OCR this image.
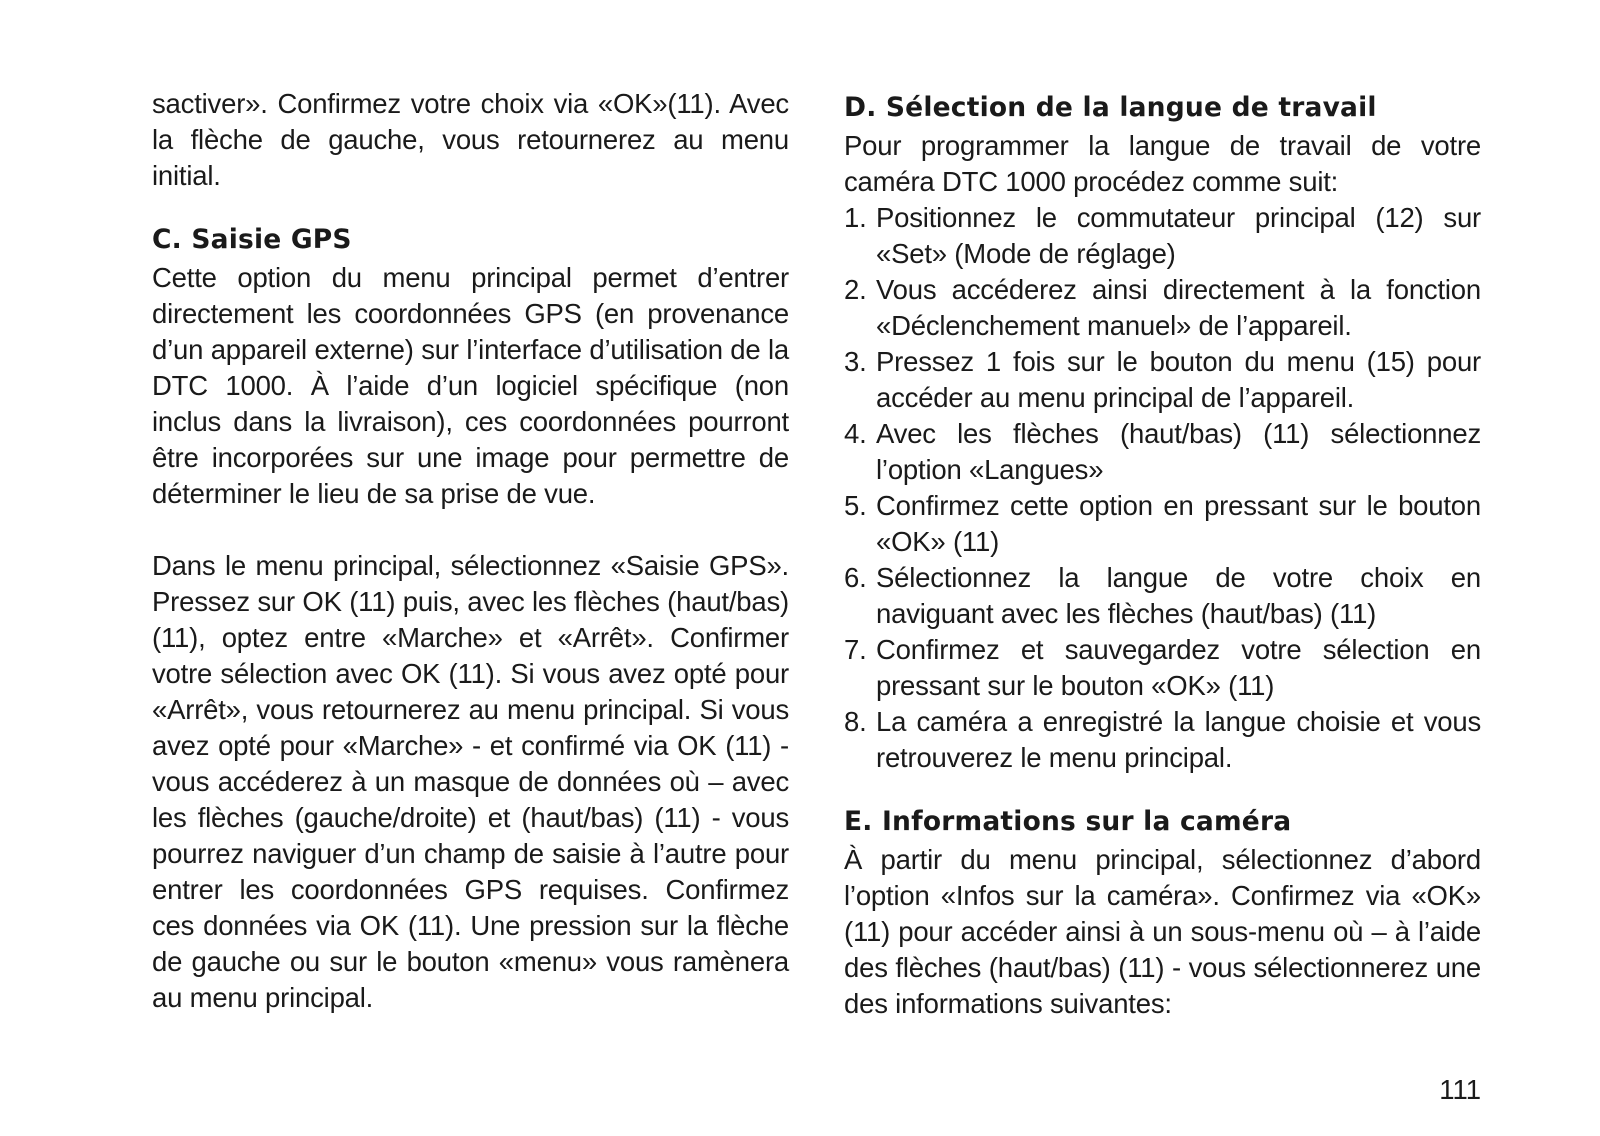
sactiver». Confirmez votre choix via «OK»(11). Avec la flèche de gauche, vous retournerez au menu initial.

C. Saisie GPS

Cette option du menu principal permet d’entrer directement les coordonnées GPS (en provenance d’un appareil externe) sur l’interface d’utilisation de la DTC 1000. À l’aide d’un logiciel spécifique (non inclus dans la livraison), ces coordonnées pourront être incorporées sur une image pour permettre de déterminer le lieu de sa prise de vue.

Dans le menu principal, sélectionnez «Saisie GPS». Pressez sur OK (11) puis, avec les flèches (haut/bas) (11), optez entre «Marche» et «Arrêt». Confirmer votre sélection avec OK (11). Si vous avez opté pour «Arrêt», vous retournerez au menu principal. Si vous avez opté pour «Marche» - et confirmé via OK (11) - vous accéderez à un masque de données où – avec les flèches (gauche/droite) et (haut/bas) (11) - vous pourrez naviguer d’un champ de saisie à l’autre pour entrer les coordonnées GPS requises. Confirmez ces données via OK (11). Une pression sur la flèche de gauche ou sur le bouton «menu» vous ramènera au menu principal.

D. Sélection de la langue de travail

Pour programmer la langue de travail de votre caméra DTC 1000 procédez comme suit:

1. Positionnez le commutateur principal (12) sur «Set» (Mode de réglage)
2. Vous accéderez ainsi directement à la fonction «Déclenchement manuel» de l’appareil.
3. Pressez 1 fois sur le bouton du menu (15) pour accéder au menu principal de l’appareil.
4. Avec les flèches (haut/bas) (11) sélectionnez l’option «Langues»
5. Confirmez cette option en pressant sur le bouton «OK» (11)
6. Sélectionnez la langue de votre choix en naviguant avec les flèches (haut/bas) (11)
7. Confirmez et sauvegardez votre sélection en pressant sur le bouton «OK» (11)
8. La caméra a enregistré la langue choisie et vous retrouverez le menu principal.
E. Informations sur la caméra

À partir du menu principal, sélectionnez d’abord l’option «Infos sur la caméra». Confirmez via «OK» (11) pour accéder ainsi à un sous-menu où – à l’aide des flèches (haut/bas) (11) - vous sélectionnerez une des informations suivantes:

111
